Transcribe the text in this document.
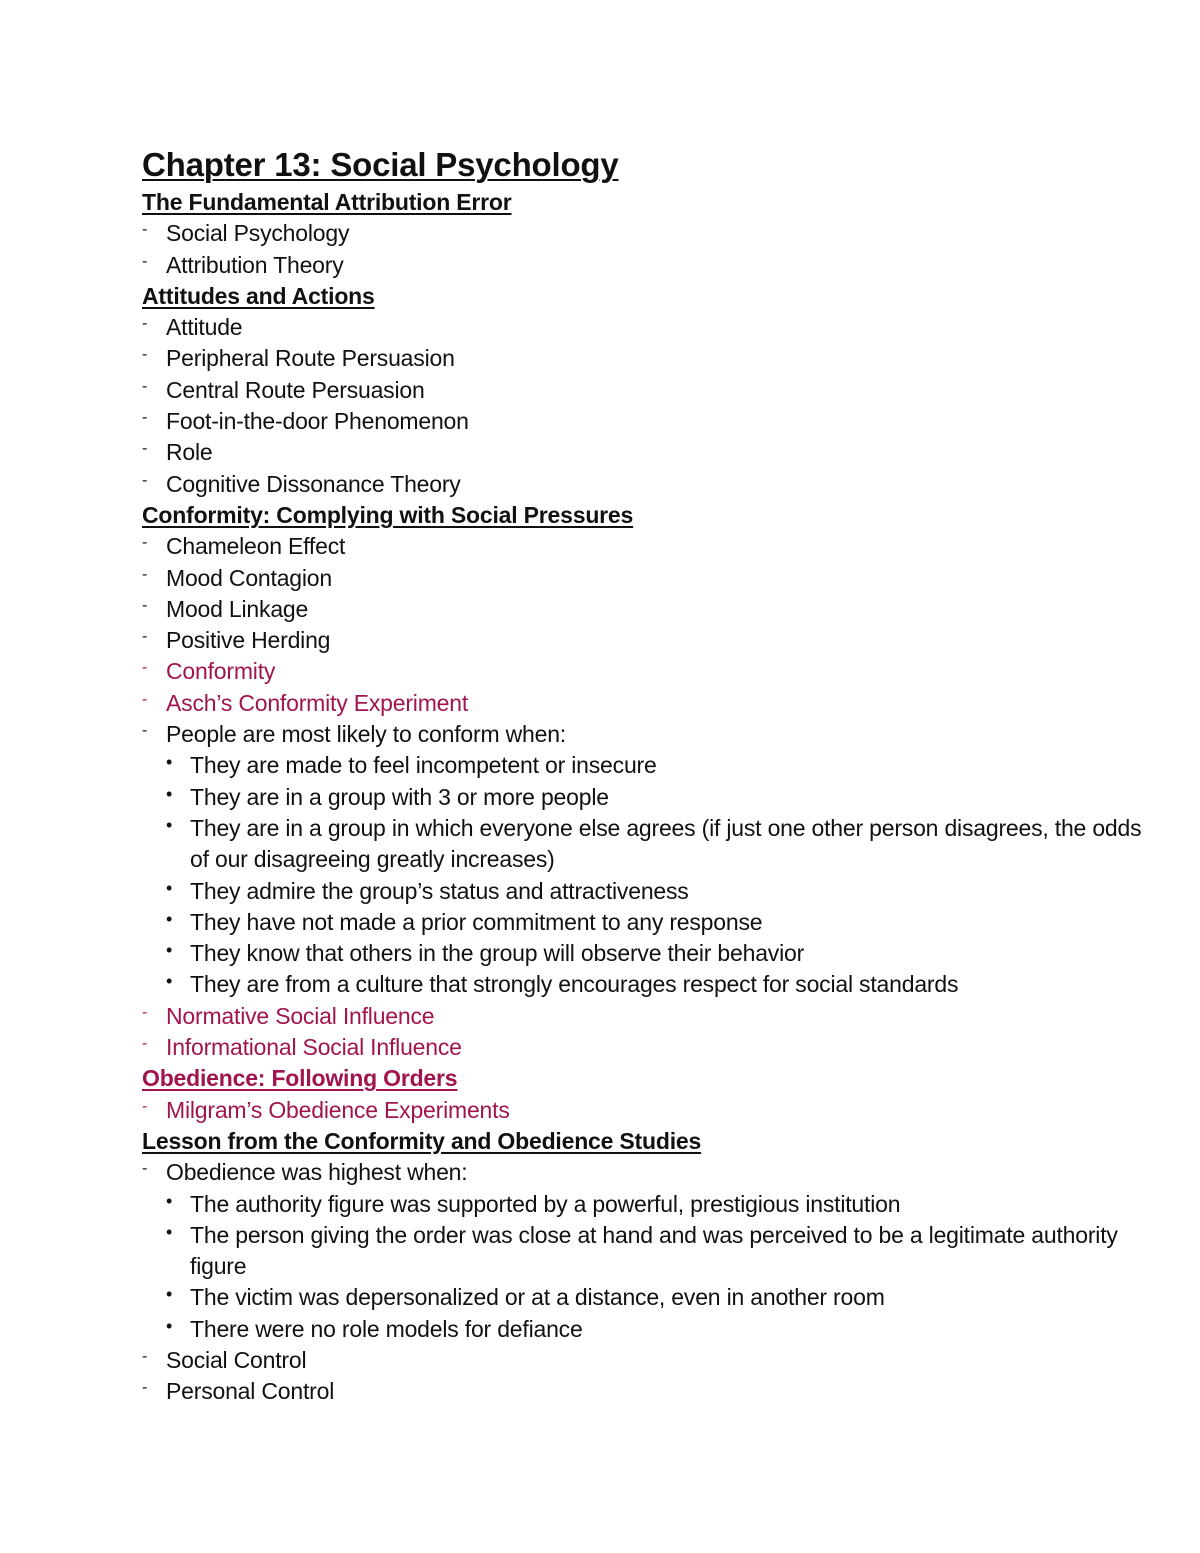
Chapter 13: Social Psychology
The Fundamental Attribution Error
- Social Psychology
- Attribution Theory
Attitudes and Actions
- Attitude
- Peripheral Route Persuasion
- Central Route Persuasion
- Foot-in-the-door Phenomenon
- Role
- Cognitive Dissonance Theory
Conformity: Complying with Social Pressures
- Chameleon Effect
- Mood Contagion
- Mood Linkage
- Positive Herding
- Conformity
- Asch’s Conformity Experiment
- People are most likely to conform when:
• They are made to feel incompetent or insecure
• They are in a group with 3 or more people
• They are in a group in which everyone else agrees (if just one other person disagrees, the odds of our disagreeing greatly increases)
• They admire the group’s status and attractiveness
• They have not made a prior commitment to any response
• They know that others in the group will observe their behavior
• They are from a culture that strongly encourages respect for social standards
- Normative Social Influence
- Informational Social Influence
Obedience: Following Orders
- Milgram’s Obedience Experiments
Lesson from the Conformity and Obedience Studies
- Obedience was highest when:
• The authority figure was supported by a powerful, prestigious institution
• The person giving the order was close at hand and was perceived to be a legitimate authority figure
• The victim was depersonalized or at a distance, even in another room
• There were no role models for defiance
- Social Control
- Personal Control
